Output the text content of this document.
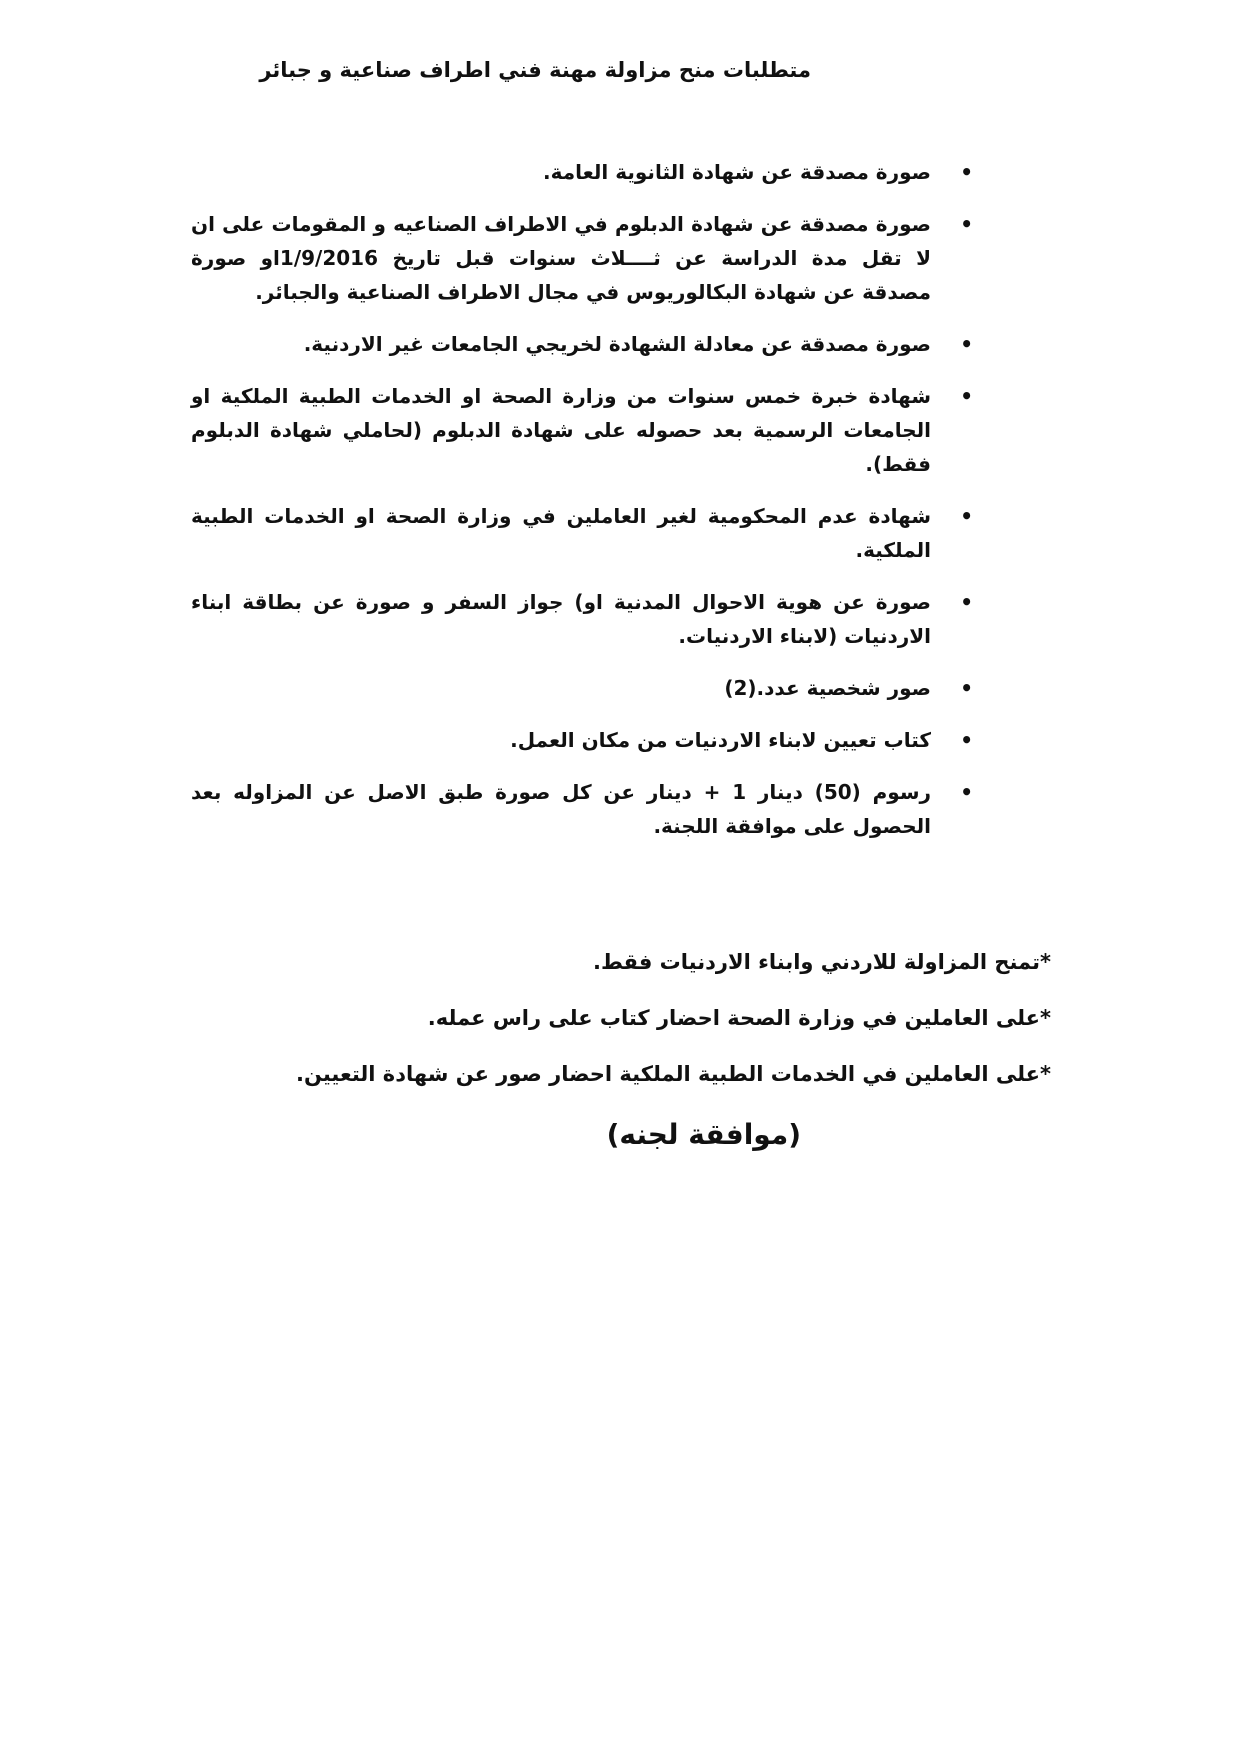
متطلبات منح مزاولة مهنة فني اطراف صناعية و جبائر
•
صورة مصدقة عن شهادة الثانوية العامة.
•
صورة مصدقة عن شهادة الدبلوم في الاطراف الصناعيه و المقومات على ان لا تقل مدة الدراسة عن ثــــلاث سنوات قبل تاريخ 1/9/2016او صورة مصدقة عن شهادة البكالوريوس في مجال الاطراف الصناعية والجبائر.
•
صورة مصدقة عن معادلة الشهادة لخريجي الجامعات غير الاردنية.
•
شهادة خبرة خمس سنوات من وزارة الصحة او الخدمات الطبية الملكية او الجامعات الرسمية بعد حصوله على شهادة الدبلوم (لحاملي شهادة الدبلوم فقط).
•
شهادة عدم المحكومية لغير العاملين في وزارة الصحة او الخدمات الطبية الملكية.
•
صورة عن هوية الاحوال المدنية او) جواز السفر و صورة عن بطاقة ابناء الاردنيات (لابناء الاردنيات.
•
صور شخصية عدد.(2)
•
كتاب تعيين لابناء الاردنيات من مكان العمل.
•
رسوم (50) دينار 1 + دينار عن كل صورة طبق الاصل عن المزاوله بعد الحصول على موافقة اللجنة.

*تمنح المزاولة للاردني وابناء الاردنيات فقط.

*على العاملين في وزارة الصحة احضار كتاب على راس عمله.

*على العاملين في الخدمات الطبية الملكية احضار صور عن شهادة التعيين.

(موافقة لجنه)
